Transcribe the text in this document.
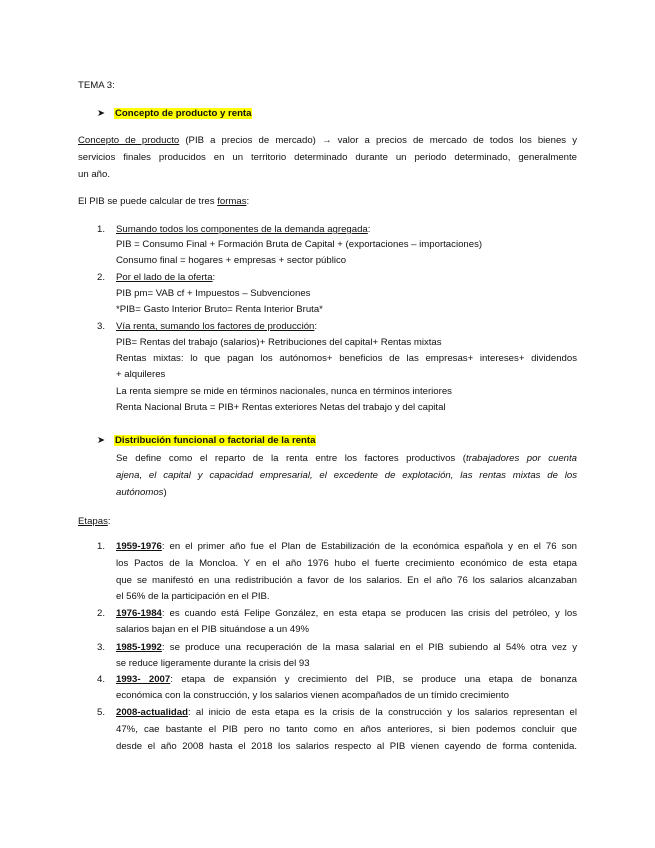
TEMA 3:
➤ Concepto de producto y renta
Concepto de producto (PIB a precios de mercado) → valor a precios de mercado de todos los bienes y
servicios finales producidos en un territorio determinado durante un periodo determinado, generalmente
un año.
El PIB se puede calcular de tres formas:
1. Sumando todos los componentes de la demanda agregada:
PIB = Consumo Final + Formación Bruta de Capital + (exportaciones – importaciones)
Consumo final = hogares + empresas + sector público
2. Por el lado de la oferta:
PIB pm= VAB cf + Impuestos – Subvenciones
*PIB= Gasto Interior Bruto= Renta Interior Bruta*
3. Vía renta, sumando los factores de producción:
PIB= Rentas del trabajo (salarios)+ Retribuciones del capital+ Rentas mixtas
Rentas mixtas: lo que pagan los autónomos+ beneficios de las empresas+ intereses+ dividendos
+ alquileres
La renta siempre se mide en términos nacionales, nunca en términos interiores
Renta Nacional Bruta = PIB+ Rentas exteriores Netas del trabajo y del capital
➤ Distribución funcional o factorial de la renta
Se define como el reparto de la renta entre los factores productivos (trabajadores por cuenta
ajena, el capital y capacidad empresarial, el excedente de explotación, las rentas mixtas de los
autónomos)
Etapas:
1. 1959-1976: en el primer año fue el Plan de Estabilización de la económica española y en el 76 son
los Pactos de la Moncloa. Y en el año 1976 hubo el fuerte crecimiento económico de esta etapa
que se manifestó en una redistribución a favor de los salarios. En el año 76 los salarios alcanzaban
el 56% de la participación en el PIB.
2. 1976-1984: es cuando está Felipe González, en esta etapa se producen las crisis del petróleo, y los
salarios bajan en el PIB situándose a un 49%
3. 1985-1992: se produce una recuperación de la masa salarial en el PIB subiendo al 54% otra vez y
se reduce ligeramente durante la crisis del 93
4. 1993- 2007: etapa de expansión y crecimiento del PIB, se produce una etapa de bonanza
económica con la construcción, y los salarios vienen acompañados de un tímido crecimiento
5. 2008-actualidad: al inicio de esta etapa es la crisis de la construcción y los salarios representan el
47%, cae bastante el PIB pero no tanto como en años anteriores, si bien podemos concluir que
desde el año 2008 hasta el 2018 los salarios respecto al PIB vienen cayendo de forma contenida.
